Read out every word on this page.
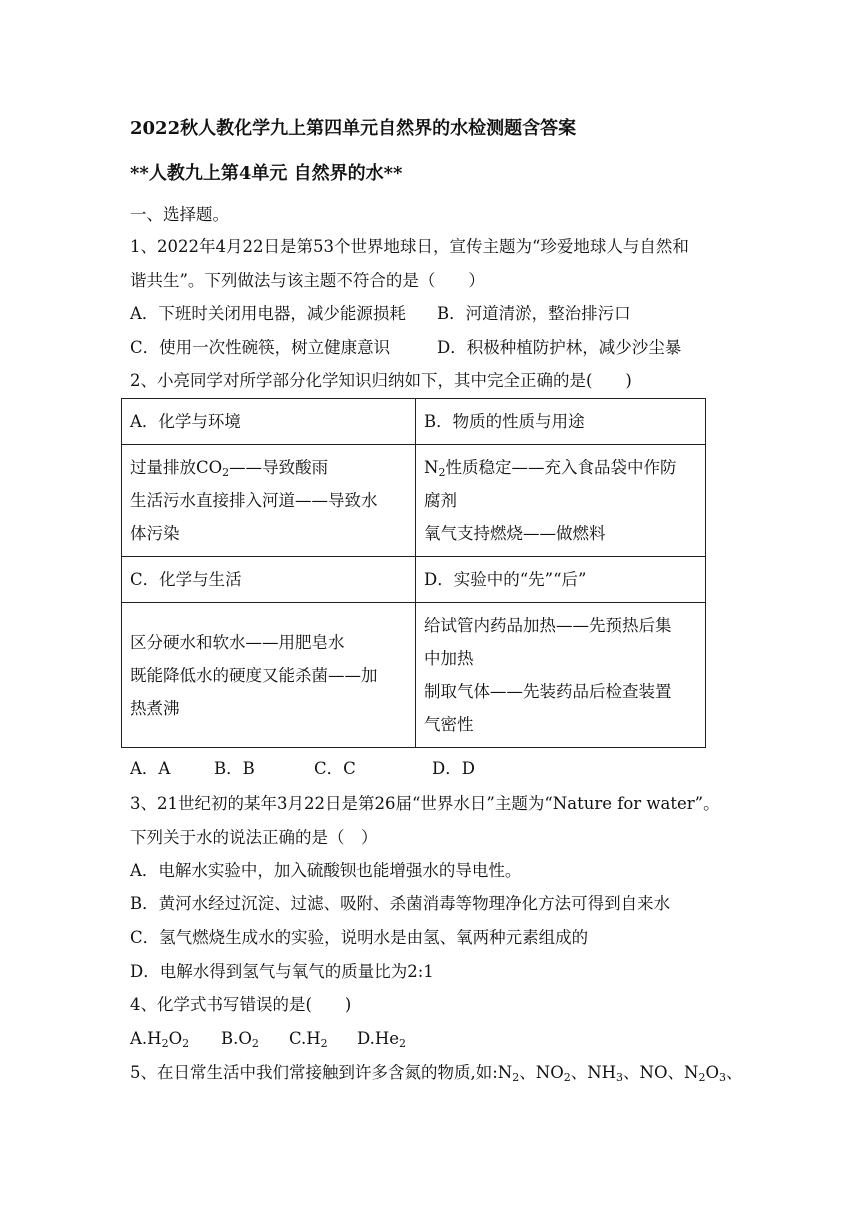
2022秋人教化学九上第四单元自然界的水检测题含答案
**人教九上第4单元 自然界的水**
一、选择题。
1、2022年4月22日是第53个世界地球日，宣传主题为“珍爱地球人与自然和
谐共生”。下列做法与该主题不符合的是（　　）
A．下班时关闭用电器，减少能源损耗 B．河道清淤，整治排污口
C．使用一次性碗筷，树立健康意识	D．积极种植防护林，减少沙尘暴
2、小亮同学对所学部分化学知识归纳如下，其中完全正确的是(　　)
A．化学与环境	B．物质的性质与用途

过量排放$CO_2——$导致酸雨
生活污水直接排入河道——导致水
体污染	$N_2$性质稳定——充入食品袋中作防
腐剂
氧气支持燃烧——做燃料

C．化学与生活	D．实验中的“先”“后”

区分硬水和软水——用肥皂水
既能降低水的硬度又能杀菌——加
热煮沸	给试管内药品加热——先预热后集
中加热
制取气体——先装药品后检查装置
气密性
A．A	B．B	C．C	D．D
3、21世纪初的某年3月22日是第26届“世界水日”主题为“Nature for water”。
下列关于水的说法正确的是（　）
A．电解水实验中，加入硫酸钡也能增强水的导电性。
B．黄河水经过沉淀、过滤、吸附、杀菌消毒等物理净化方法可得到自来水
C．氢气燃烧生成水的实验，说明水是由氢、氧两种元素组成的
D．电解水得到氢气与氧气的质量比为2:1
4、化学式书写错误的是(　　)
$A.H_2O_2$ $B.O_2$ $C.H_2$ $D.He_2$
5、在日常生活中我们常接触到许多含氮的物质,如$:N_2$、$NO_2$、$NH_3$、NO、$N_2O_3$、
